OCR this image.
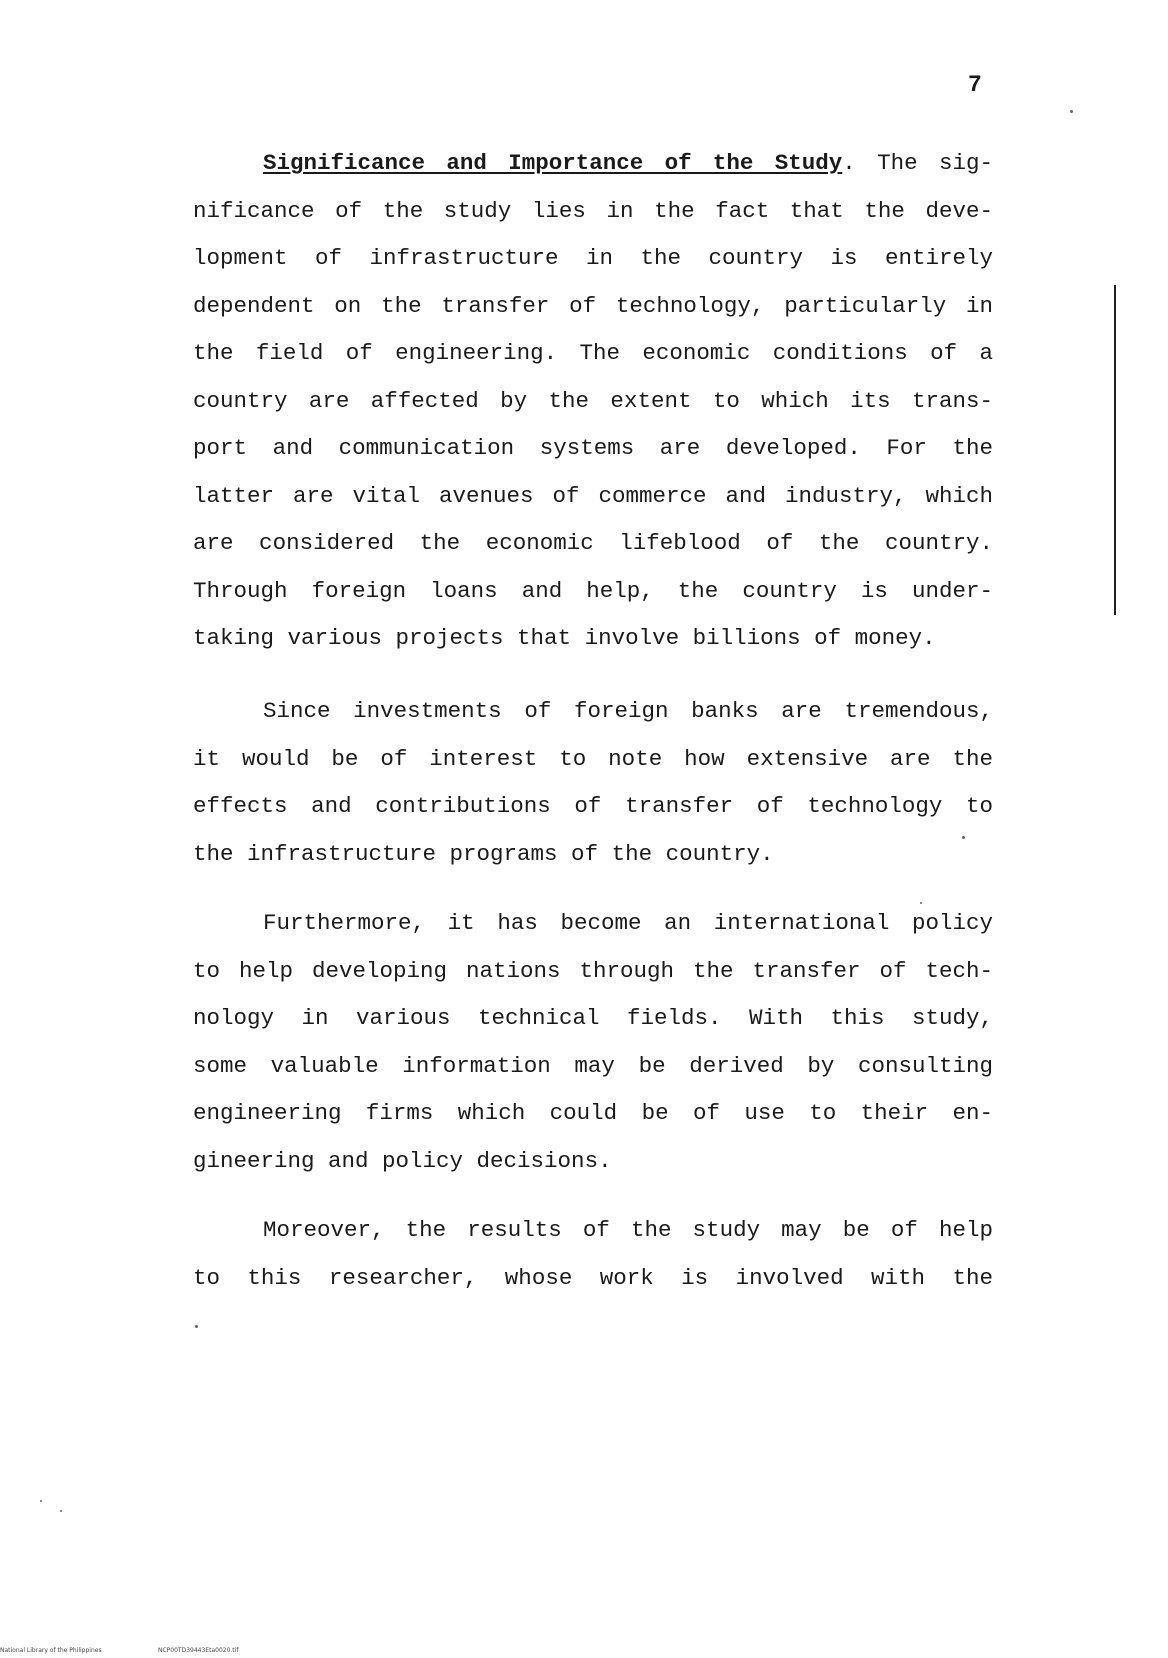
7
Significance and Importance of the Study. The sig-
nificance of the study lies in the fact that the deve-
lopment of infrastructure in the country is entirely
dependent on the transfer of technology, particularly in
the field of engineering. The economic conditions of a
country are affected by the extent to which its trans-
port and communication systems are developed. For the
latter are vital avenues of commerce and industry, which
are considered the economic lifeblood of the country.
Through foreign loans and help, the country is under-
taking various projects that involve billions of money.
Since investments of foreign banks are tremendous,
it would be of interest to note how extensive are the
effects and contributions of transfer of technology to
the infrastructure programs of the country.
Furthermore, it has become an international policy
to help developing nations through the transfer of tech-
nology in various technical fields. With this study,
some valuable information may be derived by consulting
engineering firms which could be of use to their en-
gineering and policy decisions.
Moreover, the results of the study may be of help
to this researcher, whose work is involved with the
National Library of the Philippines	NCP00TD39443Eta0020.tif
